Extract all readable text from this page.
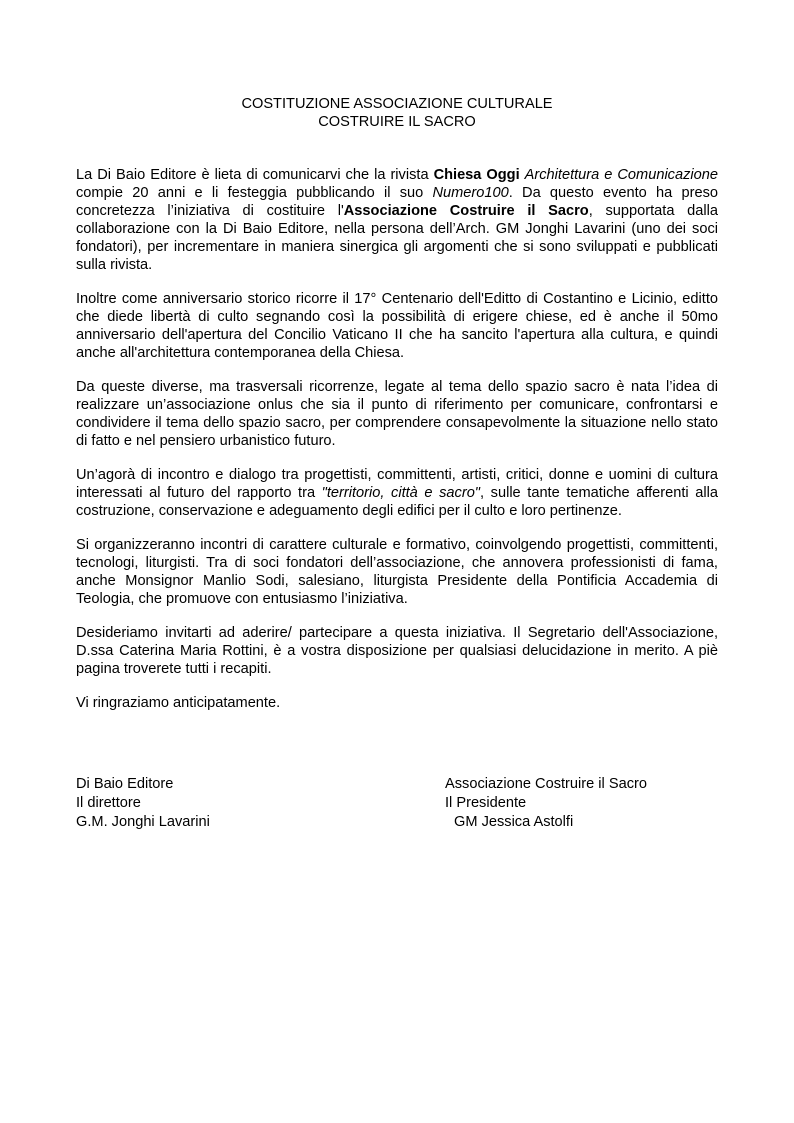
COSTITUZIONE ASSOCIAZIONE CULTURALE
COSTRUIRE IL SACRO

La Di Baio Editore è lieta di comunicarvi che la rivista Chiesa Oggi Architettura e Comunicazione compie 20 anni e li festeggia pubblicando il suo Numero100. Da questo evento ha preso concretezza l’iniziativa di costituire l'Associazione Costruire il Sacro, supportata dalla collaborazione con la Di Baio Editore, nella persona dell’Arch. GM Jonghi Lavarini (uno dei soci fondatori), per incrementare in maniera sinergica gli argomenti che si sono sviluppati e pubblicati sulla rivista.

Inoltre come anniversario storico ricorre il 17° Centenario dell'Editto di Costantino e Licinio, editto che diede libertà di culto segnando così la possibilità di erigere chiese, ed è anche il 50mo anniversario dell'apertura del Concilio Vaticano II che ha sancito l'apertura alla cultura, e quindi anche all'architettura contemporanea della Chiesa.

Da queste diverse, ma trasversali ricorrenze, legate al tema dello spazio sacro è nata l’idea di realizzare un’associazione onlus che sia il punto di riferimento per comunicare, confrontarsi e condividere il tema dello spazio sacro, per comprendere consapevolmente la situazione nello stato di fatto e nel pensiero urbanistico futuro.

Un’agorà di incontro e dialogo tra progettisti, committenti, artisti, critici, donne e uomini di cultura interessati al futuro del rapporto tra "territorio, città e sacro", sulle tante tematiche afferenti alla costruzione, conservazione e adeguamento degli edifici per il culto e loro pertinenze.

Si organizzeranno incontri di carattere culturale e formativo, coinvolgendo progettisti, committenti, tecnologi, liturgisti. Tra di soci fondatori dell’associazione, che annovera professionisti di fama, anche Monsignor Manlio Sodi, salesiano, liturgista Presidente della Pontificia Accademia di Teologia, che promuove con entusiasmo l’iniziativa.

Desideriamo invitarti ad aderire/ partecipare a questa iniziativa. Il Segretario dell'Associazione, D.ssa Caterina Maria Rottini, è a vostra disposizione per qualsiasi delucidazione in merito. A piè pagina troverete tutti i recapiti.

Vi ringraziamo anticipatamente.

Di Baio Editore
Il direttore
G.M. Jonghi Lavarini
Associazione Costruire il Sacro
Il Presidente
GM Jessica Astolfi
